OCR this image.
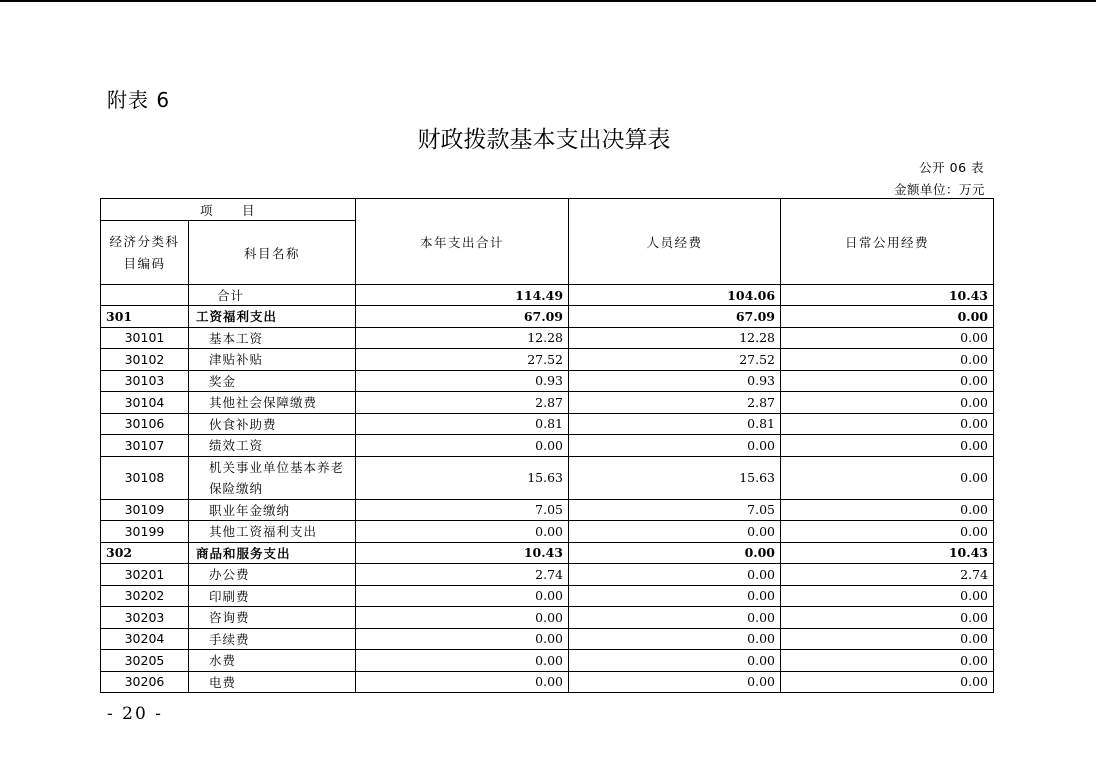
附表 6
财政拨款基本支出决算表
公开 06 表
金额单位：万元
项　　目		本年支出合计	人员经费	日常公用经费
经济分类科目编码	科目名称			
	合计	114.49	104.06	10.43
301	工资福利支出	67.09	67.09	0.00
30101	基本工资	12.28	12.28	0.00
30102	津贴补贴	27.52	27.52	0.00
30103	奖金	0.93	0.93	0.00
30104	其他社会保障缴费	2.87	2.87	0.00
30106	伙食补助费	0.81	0.81	0.00
30107	绩效工资	0.00	0.00	0.00
30108	机关事业单位基本养老保险缴纳	15.63	15.63	0.00
30109	职业年金缴纳	7.05	7.05	0.00
30199	其他工资福利支出	0.00	0.00	0.00
302	商品和服务支出	10.43	0.00	10.43
30201	办公费	2.74	0.00	2.74
30202	印刷费	0.00	0.00	0.00
30203	咨询费	0.00	0.00	0.00
30204	手续费	0.00	0.00	0.00
30205	水费	0.00	0.00	0.00
30206	电费	0.00	0.00	0.00
- 20 -
